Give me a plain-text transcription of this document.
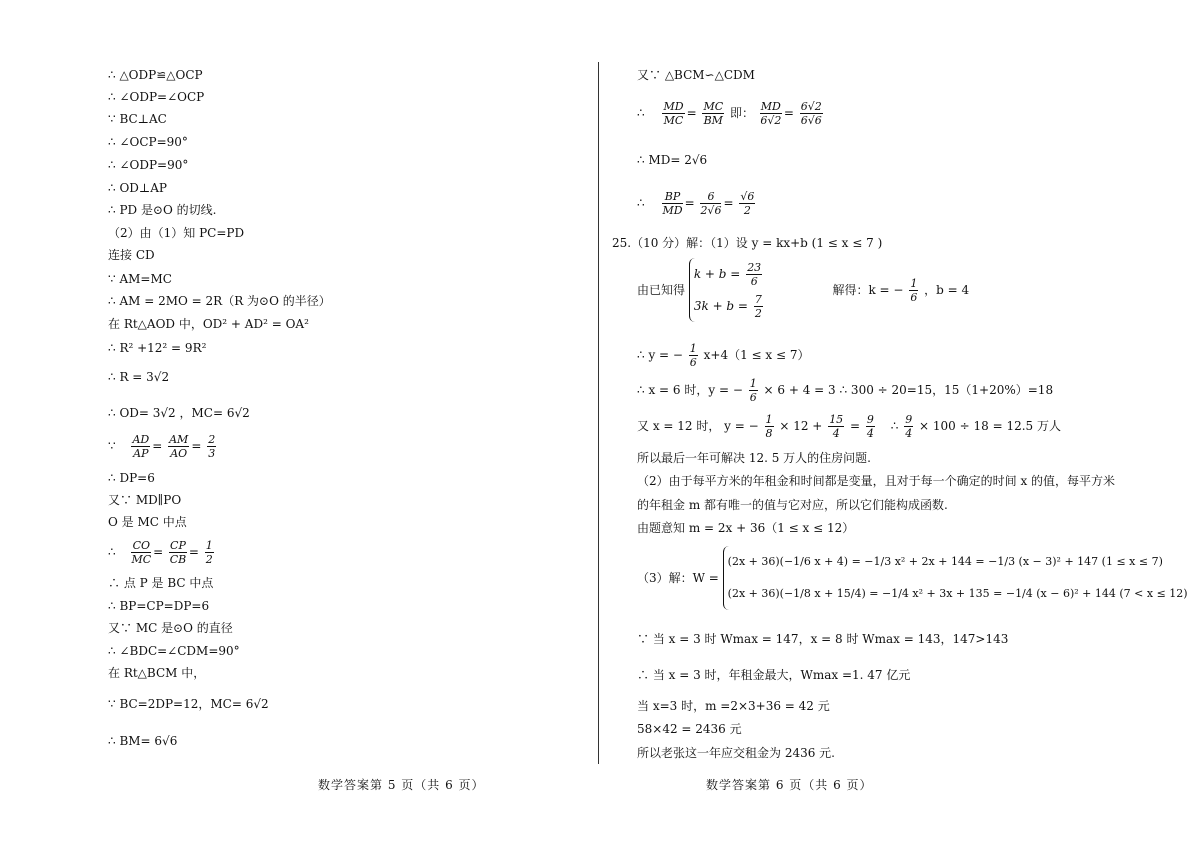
∴ △ODP≌△OCP
∴ ∠ODP=∠OCP
∵ BC⊥AC
∴ ∠OCP=90°
∴ ∠ODP=90°
∴ OD⊥AP
∴ PD 是⊙O 的切线.
（2）由（1）知 PC=PD
连接 CD
∵ AM=MC
∴ AM = 2MO = 2R（R 为⊙O 的半径）
在 Rt△AOD 中，OD² + AD² = OA²
∴ R² +12² = 9R²
∴ R = 3√2
∴ OD= 3√2 ，MC= 6√2
∵ $\frac{AD}{AP} = \frac{AM}{AO} = \frac{2}{3}$
∴ DP=6
又∵ MD∥PO
O 是 MC 中点
∴ $\frac{CO}{MC} = \frac{CP}{CB} = \frac{1}{2}$
∴ 点 P 是 BC 中点
∴ BP=CP=DP=6
又∵ MC 是⊙O 的直径
∴ ∠BDC=∠CDM=90°
在 Rt△BCM 中，
∵ BC=2DP=12，MC= 6√2
∴ BM= 6√6
又∵ △BCM∽△CDM
∴ $\frac{MD}{MC} = \frac{MC}{BM}$ 即： $\frac{MD}{6√2} = \frac{6√2}{6√6}$
∴ MD= 2√6
∴ $\frac{BP}{MD} = \frac{6}{2√6} = \frac{√6}{2}$
25.（10 分）解：（1）设 y = kx+b (1 ≤ x ≤ 7 )
由已知得
$k + b = \frac{23}{6}$
$3k + b = \frac{7}{2}$
解得：k = − $\frac{1}{6}$ ，b = 4
∴ y = − $\frac{1}{6} x+4(1 \le x \le 7)$
∴ x = 6 时，y = − $\frac{1}{6} \times 6 + 4 = 3$ ∴ 300 ÷ 20=15，15（1+20%）=18
又 x = 12 时， y = − $\frac{1}{8} \times 12 + \frac{15}{4} = \frac{9}{4}$ ∴ $\frac{9}{4} \times 100 \div 18 = 12.5$ 万人
所以最后一年可解决 12. 5 万人的住房问题.
（2）由于每平方米的年租金和时间都是变量，且对于每一个确定的时间 x 的值，每平方米
的年租金 m 都有唯一的值与它对应，所以它们能构成函数.
由题意知 m = 2x + 36（1 ≤ x ≤ 12）
（3）解：W =
(2x + 36)(−1/6 x + 4) = −1/3 x² + 2x + 144 = −1/3 (x − 3)² + 147 (1 ≤ x ≤ 7)
(2x + 36)(−1/8 x + 15/4) = −1/4 x² + 3x + 135 = −1/4 (x − 6)² + 144 (7 < x ≤ 12)
∵ 当 x = 3 时 Wmax = 147，x = 8 时 Wmax = 143，147>143
∴ 当 x = 3 时，年租金最大，Wmax =1. 47 亿元
当 x=3 时，m =2×3+36 = 42 元
58×42 = 2436 元
所以老张这一年应交租金为 2436 元.
数学答案第 5 页（共 6 页）	数学答案第 6 页（共 6 页）
